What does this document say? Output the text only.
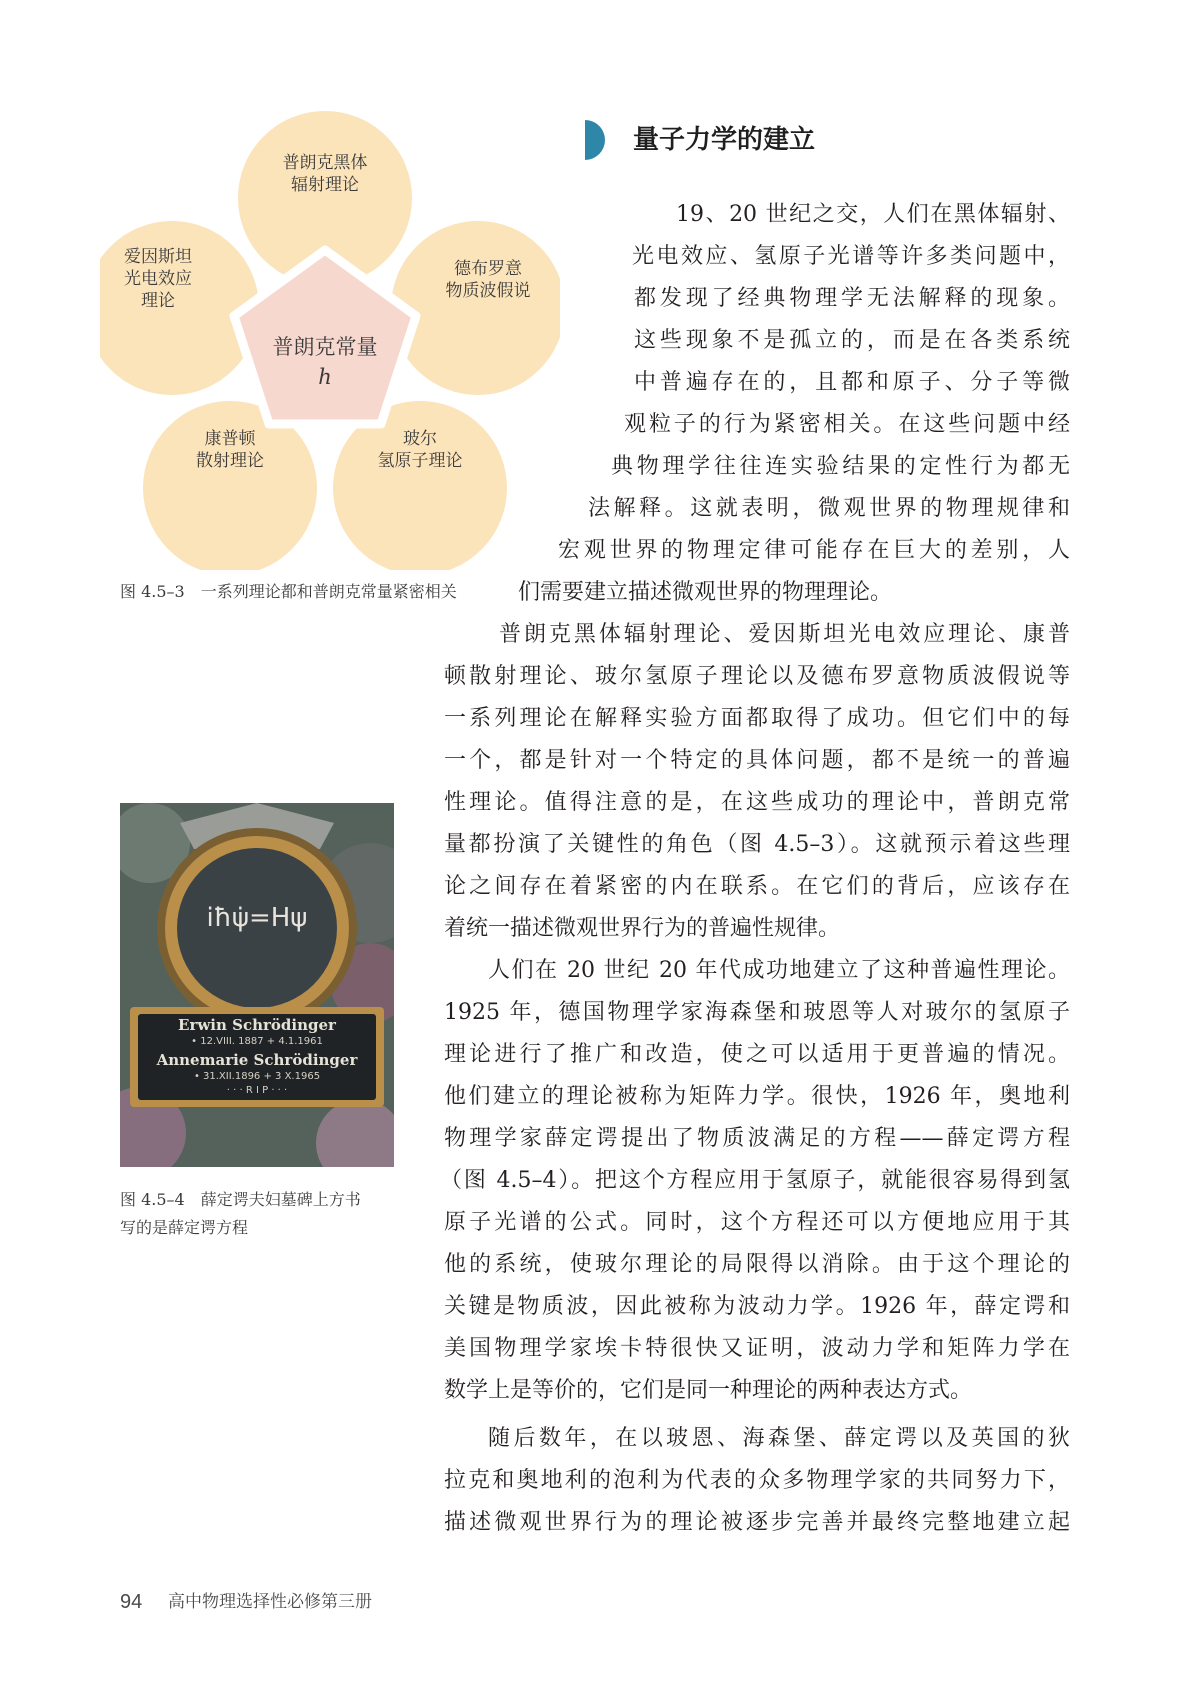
普朗克黑体
辐射理论
德布罗意
物质波假说
玻尔
氢原子理论
康普顿
散射理论
爱因斯坦
光电效应
理论
普朗克常量
h
图 4.5–3  一系列理论都和普朗克常量紧密相关
量子力学的建立
19、20 世纪之交，人们在黑体辐射、
光电效应、氢原子光谱等许多类问题中，
都发现了经典物理学无法解释的现象。
这些现象不是孤立的，而是在各类系统
中普遍存在的，且都和原子、分子等微
观粒子的行为紧密相关。在这些问题中经
典物理学往往连实验结果的定性行为都无
法解释。这就表明，微观世界的物理规律和
宏观世界的物理定律可能存在巨大的差别，人
们需要建立描述微观世界的物理理论。
普朗克黑体辐射理论、爱因斯坦光电效应理论、康普
顿散射理论、玻尔氢原子理论以及德布罗意物质波假说等
一系列理论在解释实验方面都取得了成功。但它们中的每
一个，都是针对一个特定的具体问题，都不是统一的普遍
性理论。值得注意的是，在这些成功的理论中，普朗克常
量都扮演了关键性的角色（图 4.5–3）。这就预示着这些理
论之间存在着紧密的内在联系。在它们的背后，应该存在
着统一描述微观世界行为的普遍性规律。
人们在 20 世纪 20 年代成功地建立了这种普遍性理论。
1925 年，德国物理学家海森堡和玻恩等人对玻尔的氢原子
理论进行了推广和改造，使之可以适用于更普遍的情况。
他们建立的理论被称为矩阵力学。很快，1926 年，奥地利
物理学家薛定谔提出了物质波满足的方程——薛定谔方程
（图 4.5–4）。把这个方程应用于氢原子，就能很容易得到氢
原子光谱的公式。同时，这个方程还可以方便地应用于其
他的系统，使玻尔理论的局限得以消除。由于这个理论的
关键是物质波，因此被称为波动力学。1926 年，薛定谔和
美国物理学家埃卡特很快又证明，波动力学和矩阵力学在
数学上是等价的，它们是同一种理论的两种表达方式。
随后数年，在以玻恩、海森堡、薛定谔以及英国的狄
拉克和奥地利的泡利为代表的众多物理学家的共同努力下，
描述微观世界行为的理论被逐步完善并最终完整地建立起
iħψ̇=Hψ
Erwin Schrödinger
• 12.VIII. 1887 + 4.1.1961
Annemarie Schrödinger
• 31.XII.1896 + 3 X.1965
· · · R I P · · ·
图 4.5–4  薛定谔夫妇墓碑上方书
写的是薛定谔方程
94 高中物理选择性必修第三册
